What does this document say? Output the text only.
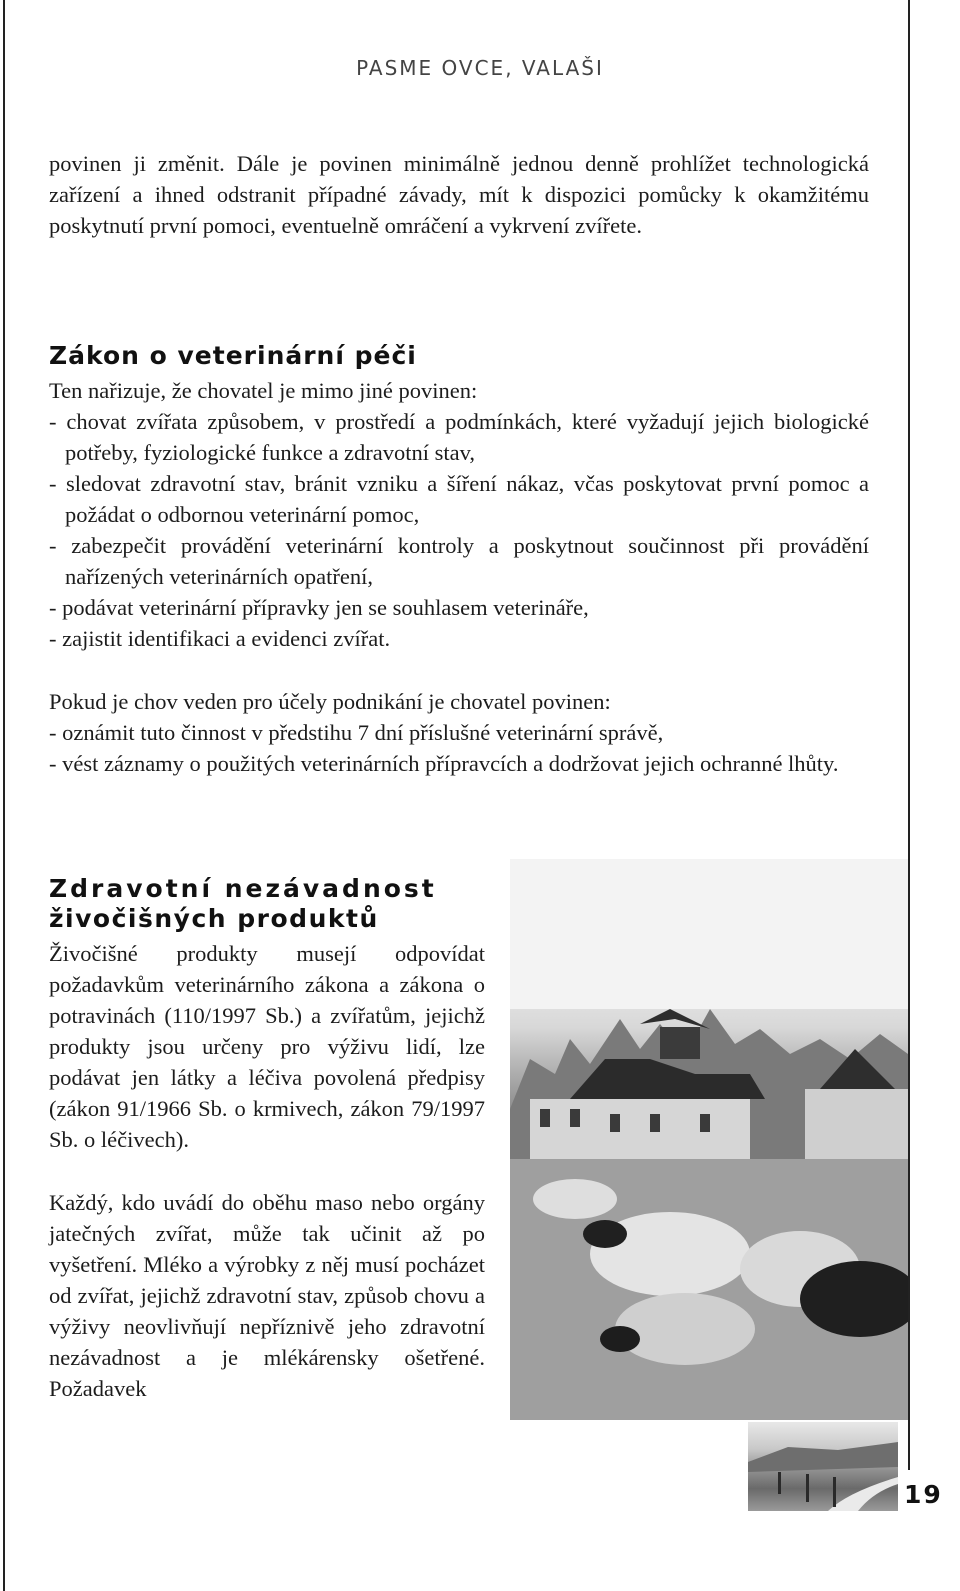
PASME OVCE, VALAŠI
povinen ji změnit. Dále je povinen minimálně jednou denně prohlížet technologická zařízení a ihned odstranit případné závady, mít k dispozici pomůcky k okamžitému poskytnutí první pomoci, eventuelně omráčení a vykrvení zvířete.
Zákon o veterinární péči
Ten nařizuje, že chovatel je mimo jiné povinen:
- chovat zvířata způsobem, v prostředí a podmínkách, které vyžadují jejich biologické potřeby, fyziologické funkce a zdravotní stav,
- sledovat zdravotní stav, bránit vzniku a šíření nákaz, včas poskytovat první pomoc a požádat o odbornou veterinární pomoc,
- zabezpečit provádění veterinární kontroly a poskytnout součinnost při provádění nařízených veterinárních opatření,
- podávat veterinární přípravky jen se souhlasem veterináře,
- zajistit identifikaci a evidenci zvířat.
Pokud je chov veden pro účely podnikání je chovatel povinen:
- oznámit tuto činnost v předstihu 7 dní příslušné veterinární správě,
- vést záznamy o použitých veterinárních přípravcích a dodržovat jejich ochranné lhůty.
Zdravotní nezávadnost
živočišných produktů
Živočišné produkty musejí odpovídat požadavkům veterinárního zákona a zákona o potravinách (110/1997 Sb.) a zvířatům, jejichž produkty jsou určeny pro výživu lidí, lze podávat jen látky a léčiva povolená předpisy (zákon 91/1966 Sb. o krmivech, zákon 79/1997 Sb. o léčivech).
Každý, kdo uvádí do oběhu maso nebo orgány jatečných zvířat, může tak učinit až po vyšetření. Mléko a výrobky z něj musí pocházet od zvířat, jejichž zdravotní stav, způsob chovu a výživy neovlivňují nepříznivě jeho zdravotní nezávadnost a je mlékárensky ošetřené. Požadavek
19
